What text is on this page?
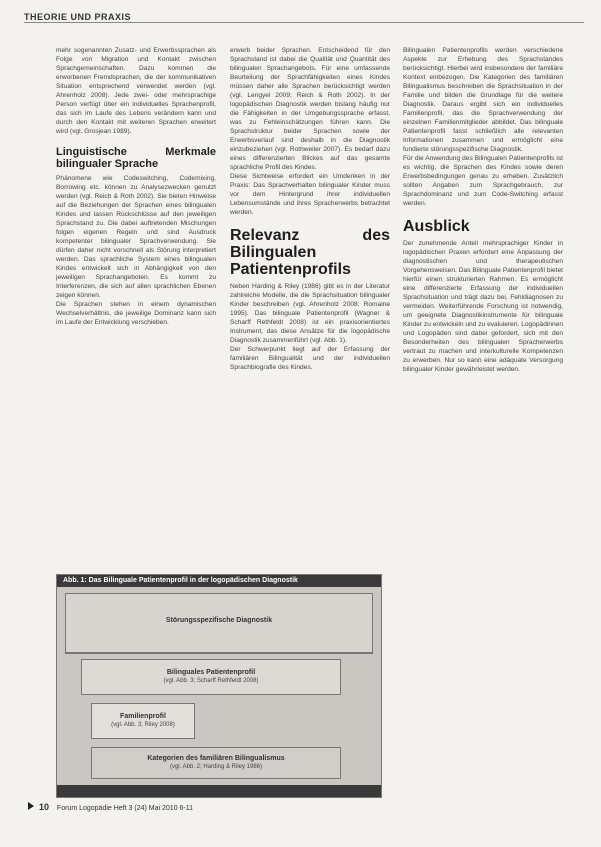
THEORIE UND PRAXIS

mehr sogenannten Zusatz- und Erwerbssprachen als Folge von Migration und Kontakt zwischen Sprachgemeinschaften. Dazu kommen die erworbenen Fremdsprachen, die der kommunikativen Situation entsprechend verwendet werden (vgl. Ahrenholz 2008). Jede zwei- oder mehrsprachige Person verfügt über ein individuelles Sprachenprofil, das sich im Laufe des Lebens verändern kann und durch den Kontakt mit weiteren Sprachen erweitert wird (vgl. Grosjean 1989).

Linguistische Merkmale bilingualer Sprache

Phänomene wie Codeswitching, Codemixing, Borrowing etc. können zu Analysezwecken genutzt werden (vgl. Reich & Roth 2002). Sie bieten Hinweise auf die Beziehungen der Sprachen eines bilingualen Kindes und lassen Rückschlüsse auf den jeweiligen Sprachstand zu. Die dabei auftretenden Mischungen folgen eigenen Regeln und sind Ausdruck kompetenter bilingualer Sprachverwendung. Sie dürfen daher nicht vorschnell als Störung interpretiert werden. Das sprachliche System eines bilingualen Kindes entwickelt sich in Abhängigkeit von den jeweiligen Sprachangeboten. Es kommt zu Interferenzen, die sich auf allen sprachlichen Ebenen zeigen können.

Die Sprachen stehen in einem dynamischen Wechselverhältnis, die jeweilige Dominanz kann sich im Laufe der Entwicklung verschieben.

erwerb beider Sprachen. Entscheidend für den Sprachstand ist dabei die Qualität und Quantität des bilingualen Sprachangebots. Für eine umfassende Beurteilung der Sprachfähigkeiten eines Kindes müssen daher alle Sprachen berücksichtigt werden (vgl. Lengyel 2009; Reich & Roth 2002). In der logopädischen Diagnostik werden bislang häufig nur die Fähigkeiten in der Umgebungssprache erfasst, was zu Fehleinschätzungen führen kann. Die Sprachstruktur beider Sprachen sowie der Erwerbsverlauf sind deshalb in die Diagnostik einzubeziehen (vgl. Rothweiler 2007). Es bedarf dazu eines differenzierten Blickes auf das gesamte sprachliche Profil des Kindes.

Diese Sichtweise erfordert ein Umdenken in der Praxis: Das Sprachverhalten bilingualer Kinder muss vor dem Hintergrund ihrer individuellen Lebensumstände und ihres Spracherwerbs betrachtet werden.

Relevanz des Bilingualen Patientenprofils

Neben Harding & Riley (1986) gibt es in der Literatur zahlreiche Modelle, die die Sprachsituation bilingualer Kinder beschreiben (vgl. Ahrenholz 2008; Romaine 1995). Das bilinguale Patientenprofil (Wagner & Scharff Rethfeldt 2008) ist ein praxisorientiertes Instrument, das diese Ansätze für die logopädische Diagnostik zusammenführt (vgl. Abb. 1).

Der Schwerpunkt liegt auf der Erfassung der familiären Bilingualität und der individuellen Sprachbiografie des Kindes.

Bilingualen Patientenprofils werden verschiedene Aspekte zur Erhebung des Sprachstandes berücksichtigt. Hierbei wird insbesondere der familiäre Kontext einbezogen. Die Kategorien des familiären Bilingualismus beschreiben die Sprachsituation in der Familie und bilden die Grundlage für die weitere Diagnostik. Daraus ergibt sich ein individuelles Familienprofil, das die Sprachverwendung der einzelnen Familienmitglieder abbildet. Das bilinguale Patientenprofil fasst schließlich alle relevanten Informationen zusammen und ermöglicht eine fundierte störungsspezifische Diagnostik.

Für die Anwendung des Bilingualen Patientenprofils ist es wichtig, die Sprachen des Kindes sowie deren Erwerbsbedingungen genau zu erheben. Zusätzlich sollten Angaben zum Sprachgebrauch, zur Sprachdominanz und zum Code-Switching erfasst werden.

Ausblick

Der zunehmende Anteil mehrsprachiger Kinder in logopädischen Praxen erfordert eine Anpassung der diagnostischen und therapeutischen Vorgehensweisen. Das Bilinguale Patientenprofil bietet hierfür einen strukturierten Rahmen. Es ermöglicht eine differenzierte Erfassung der individuellen Sprachsituation und trägt dazu bei, Fehldiagnosen zu vermeiden. Weiterführende Forschung ist notwendig, um geeignete Diagnostikinstrumente für bilinguale Kinder zu entwickeln und zu evaluieren. Logopädinnen und Logopäden sind dabei gefordert, sich mit den Besonderheiten des bilingualen Spracherwerbs vertraut zu machen und interkulturelle Kompetenzen zu erwerben. Nur so kann eine adäquate Versorgung bilingualer Kinder gewährleistet werden.

Abb. 1: Das Bilinguale Patientenprofil in der logopädischen Diagnostik
Störungsspezifische Diagnostik
Bilinguales Patientenprofil
(vgl. Abb. 3; Scharff Rethfeldt 2008)
Familienprofil
(vgl. Abb. 3; Riley 2008)
Kategorien des familiären Bilingualismus
(vgl. Abb. 2; Harding & Riley 1986)
10 Forum Logopädie Heft 3 (24) Mai 2010 6-11
